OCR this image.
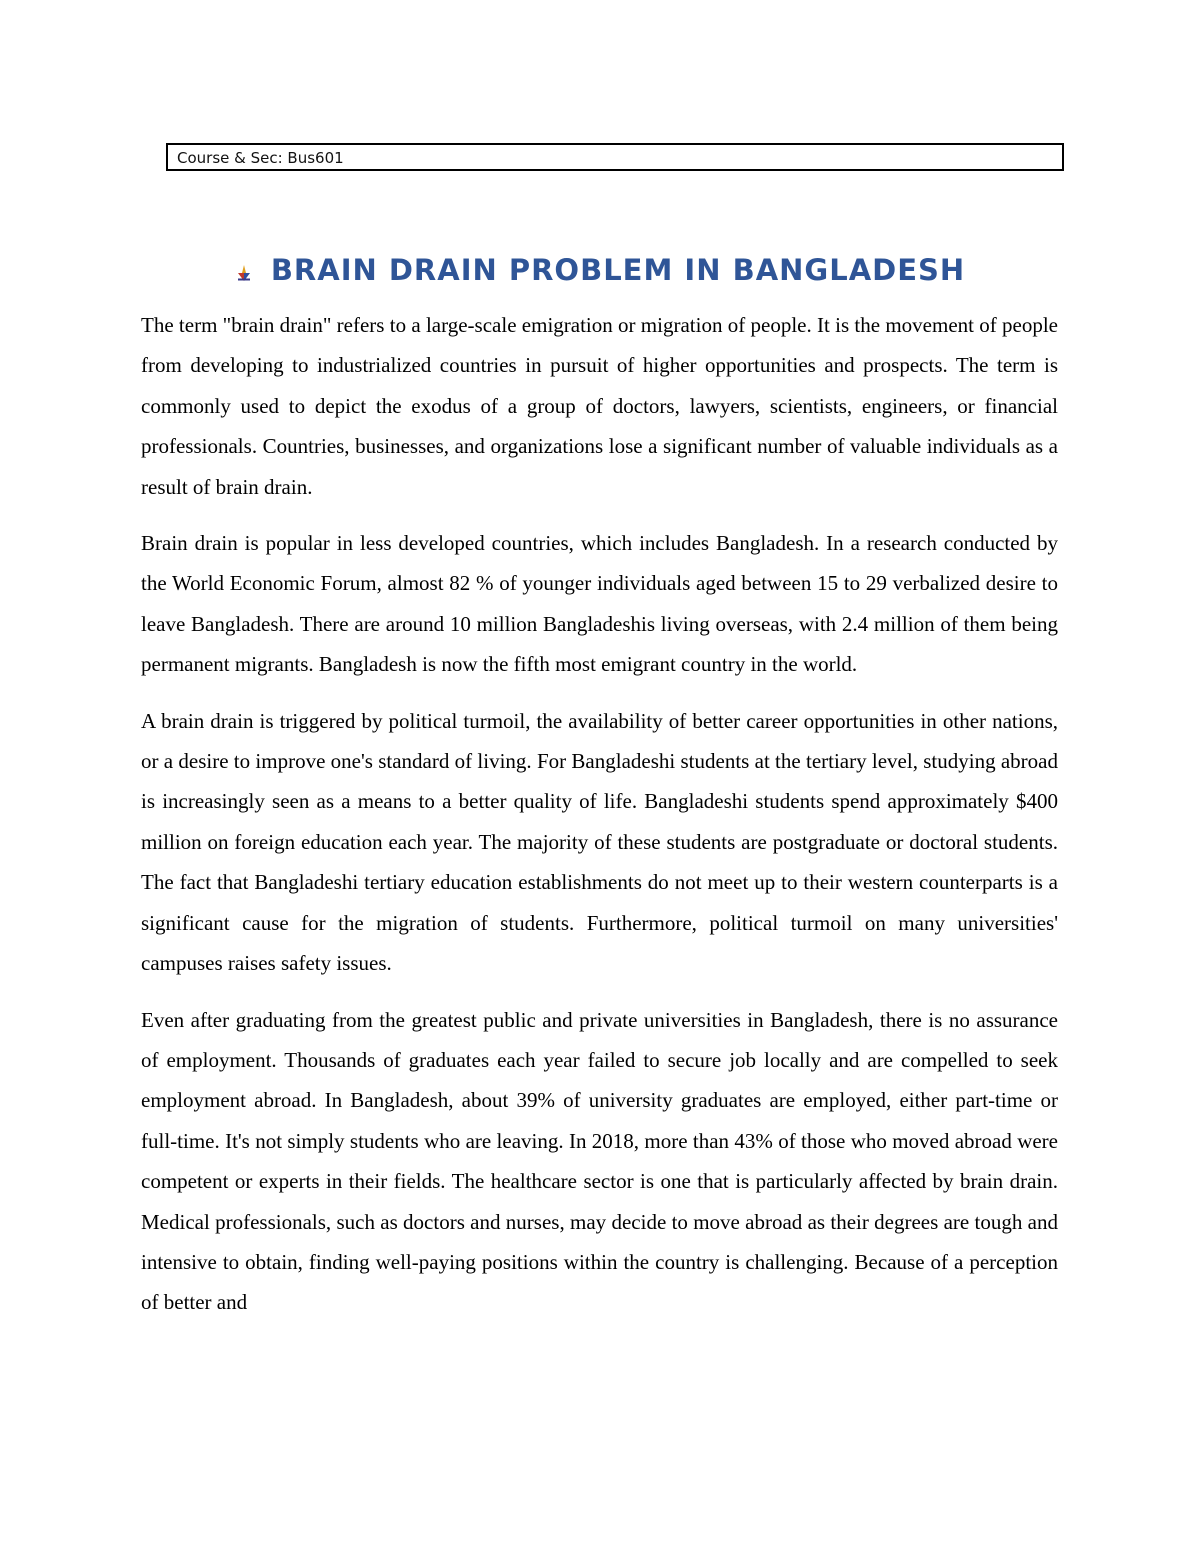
Course & Sec: Bus601
BRAIN DRAIN PROBLEM IN BANGLADESH

The term "brain drain" refers to a large-scale emigration or migration of people. It is the movement of people from developing to industrialized countries in pursuit of higher opportunities and prospects. The term is commonly used to depict the exodus of a group of doctors, lawyers, scientists, engineers, or financial professionals. Countries, businesses, and organizations lose a significant number of valuable individuals as a result of brain drain.

Brain drain is popular in less developed countries, which includes Bangladesh. In a research conducted by the World Economic Forum, almost 82 % of younger individuals aged between 15 to 29 verbalized desire to leave Bangladesh. There are around 10 million Bangladeshis living overseas, with 2.4 million of them being permanent migrants. Bangladesh is now the fifth most emigrant country in the world.

A brain drain is triggered by political turmoil, the availability of better career opportunities in other nations, or a desire to improve one's standard of living. For Bangladeshi students at the tertiary level, studying abroad is increasingly seen as a means to a better quality of life. Bangladeshi students spend approximately $400 million on foreign education each year. The majority of these students are postgraduate or doctoral students. The fact that Bangladeshi tertiary education establishments do not meet up to their western counterparts is a significant cause for the migration of students. Furthermore, political turmoil on many universities' campuses raises safety issues.

Even after graduating from the greatest public and private universities in Bangladesh, there is no assurance of employment. Thousands of graduates each year failed to secure job locally and are compelled to seek employment abroad. In Bangladesh, about 39% of university graduates are employed, either part-time or full-time. It's not simply students who are leaving. In 2018, more than 43% of those who moved abroad were competent or experts in their fields. The healthcare sector is one that is particularly affected by brain drain. Medical professionals, such as doctors and nurses, may decide to move abroad as their degrees are tough and intensive to obtain, finding well-paying positions within the country is challenging. Because of a perception of better and
